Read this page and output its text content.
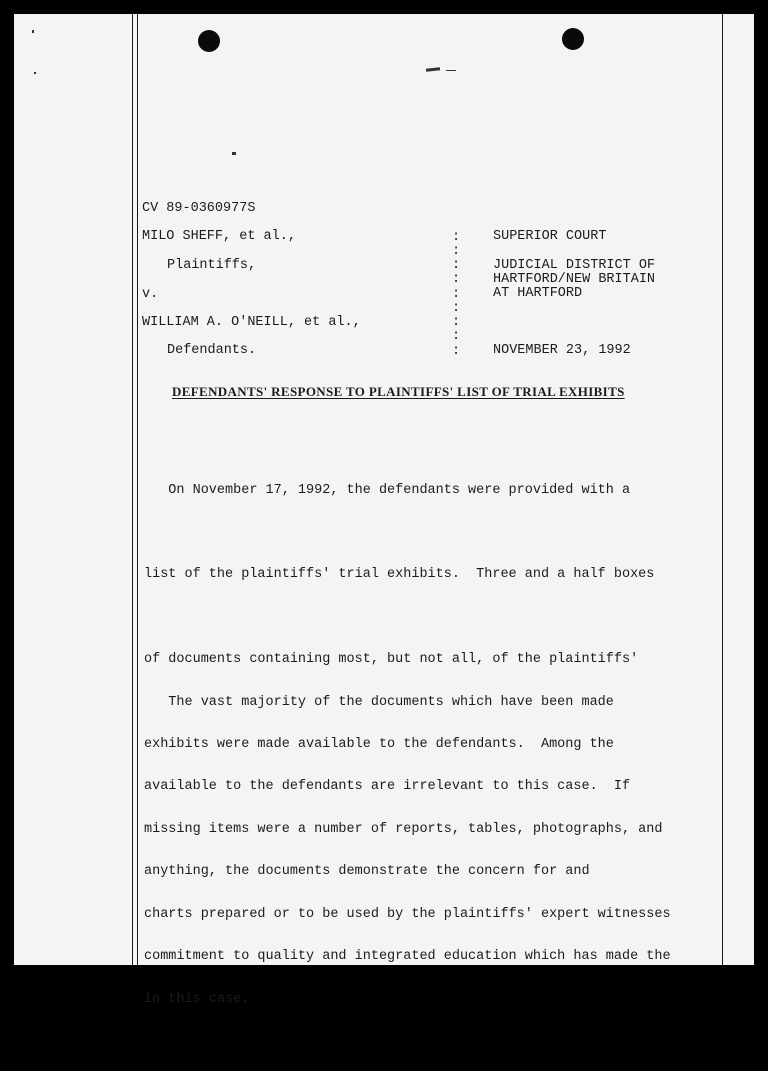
CV 89-0360977S
MILO SHEFF, et al.,
Plaintiffs,
v.
WILLIAM A. O'NEILL, et al.,
Defendants.
:
:
:
:
:
:
:
:
:
SUPERIOR COURT
JUDICIAL DISTRICT OF
HARTFORD/NEW BRITAIN
AT HARTFORD
NOVEMBER 23, 1992
DEFENDANTS' RESPONSE TO PLAINTIFFS' LIST OF TRIAL EXHIBITS

On November 17, 1992, the defendants were provided with a

list of the plaintiffs' trial exhibits.  Three and a half boxes

of documents containing most, but not all, of the plaintiffs'

exhibits were made available to the defendants.  Among the

missing items were a number of reports, tables, photographs, and

charts prepared or to be used by the plaintiffs' expert witnesses

in this case.

The vast majority of the documents which have been made

available to the defendants are irrelevant to this case.  If

anything, the documents demonstrate the concern for and

commitment to quality and integrated education which has made the
